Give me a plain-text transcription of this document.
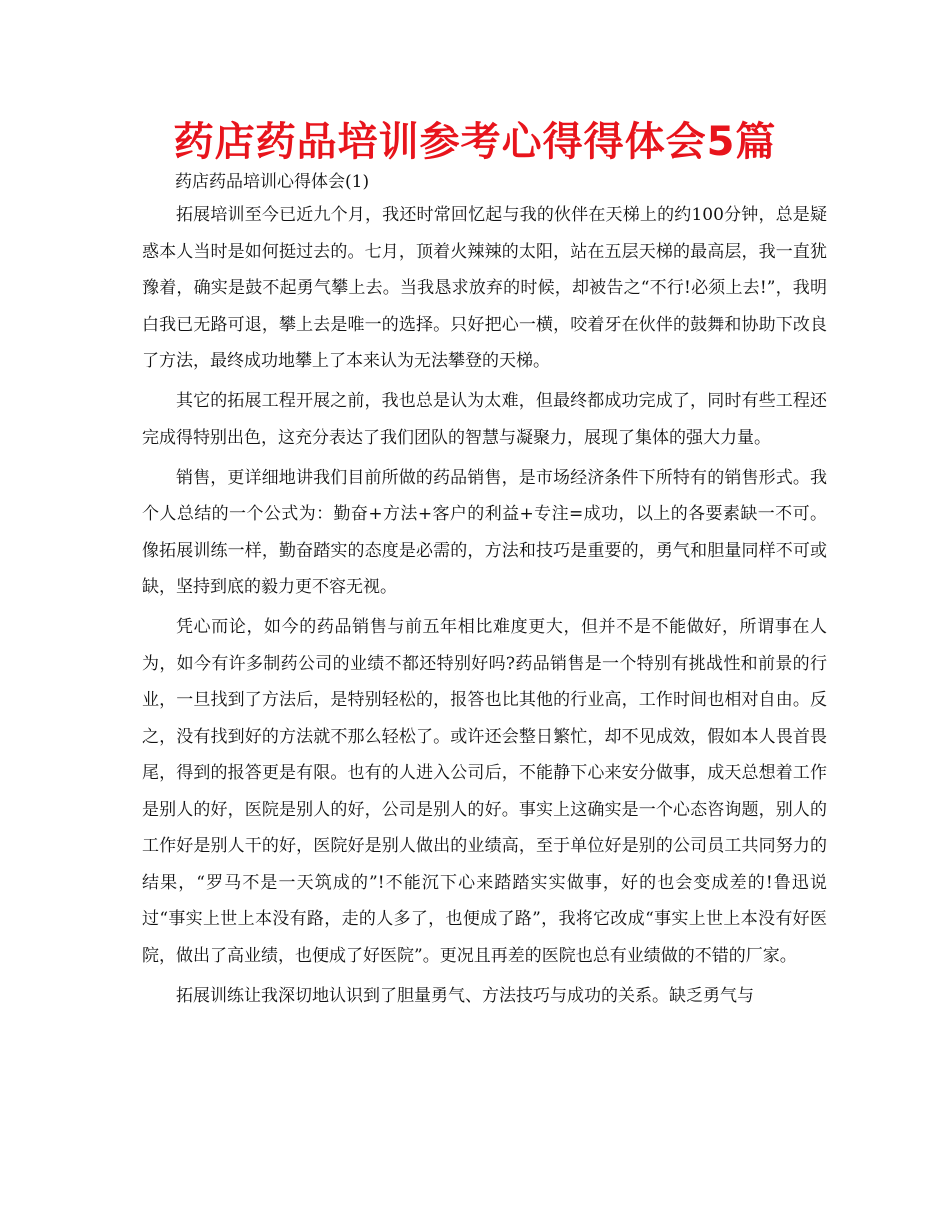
药店药品培训参考心得得体会5篇

药店药品培训心得体会(1)

拓展培训至今已近九个月，我还时常回忆起与我的伙伴在天梯上的约100分钟，总是疑惑本人当时是如何挺过去的。七月，顶着火辣辣的太阳，站在五层天梯的最高层，我一直犹豫着，确实是鼓不起勇气攀上去。当我恳求放弃的时候，却被告之“不行!必须上去!”，我明白我已无路可退，攀上去是唯一的选择。只好把心一横，咬着牙在伙伴的鼓舞和协助下改良了方法，最终成功地攀上了本来认为无法攀登的天梯。

其它的拓展工程开展之前，我也总是认为太难，但最终都成功完成了，同时有些工程还完成得特别出色，这充分表达了我们团队的智慧与凝聚力，展现了集体的强大力量。

销售，更详细地讲我们目前所做的药品销售，是市场经济条件下所特有的销售形式。我个人总结的一个公式为：勤奋+方法+客户的利益+专注=成功，以上的各要素缺一不可。像拓展训练一样，勤奋踏实的态度是必需的，方法和技巧是重要的，勇气和胆量同样不可或缺，坚持到底的毅力更不容无视。

凭心而论，如今的药品销售与前五年相比难度更大，但并不是不能做好，所谓事在人为，如今有许多制药公司的业绩不都还特别好吗?药品销售是一个特别有挑战性和前景的行业，一旦找到了方法后，是特别轻松的，报答也比其他的行业高，工作时间也相对自由。反之，没有找到好的方法就不那么轻松了。或许还会整日繁忙，却不见成效，假如本人畏首畏尾，得到的报答更是有限。也有的人进入公司后，不能静下心来安分做事，成天总想着工作是别人的好，医院是别人的好，公司是别人的好。事实上这确实是一个心态咨询题，别人的工作好是别人干的好，医院好是别人做出的业绩高，至于单位好是别的公司员工共同努力的结果，“罗马不是一天筑成的”!不能沉下心来踏踏实实做事，好的也会变成差的!鲁迅说过“事实上世上本没有路，走的人多了，也便成了路”，我将它改成“事实上世上本没有好医院，做出了高业绩，也便成了好医院”。更况且再差的医院也总有业绩做的不错的厂家。

拓展训练让我深切地认识到了胆量勇气、方法技巧与成功的关系。缺乏勇气与
